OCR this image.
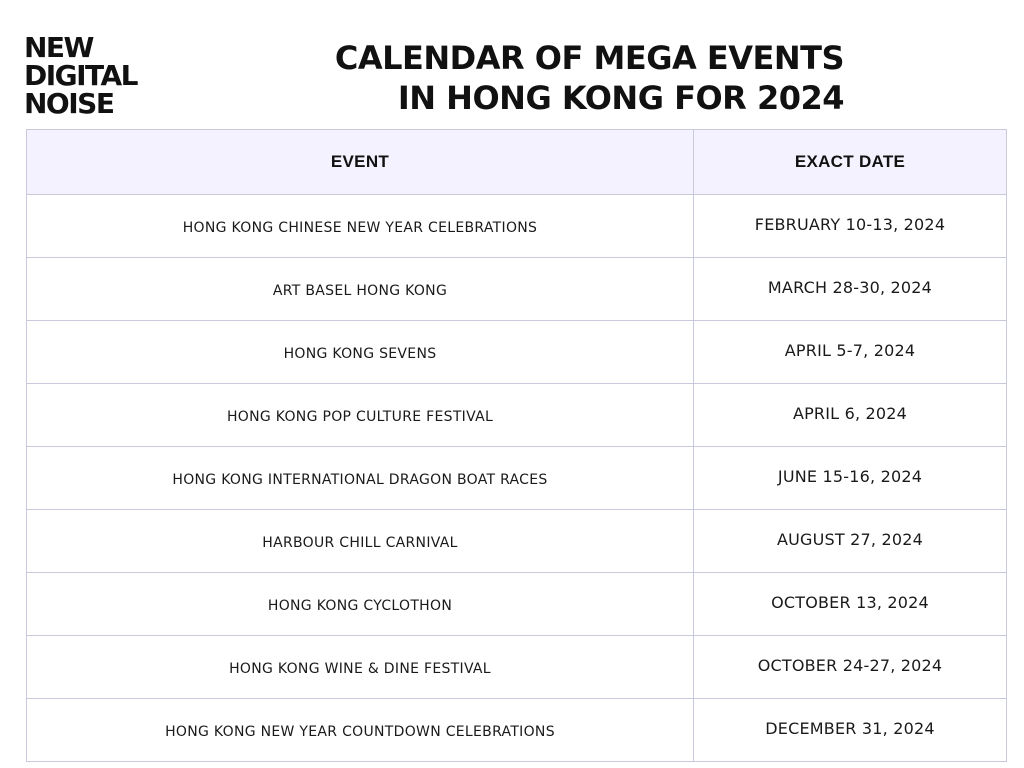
NEW
DIGITAL
NOISE
CALENDAR OF MEGA EVENTS
IN HONG KONG FOR 2024
EVENT	EXACT DATE
HONG KONG CHINESE NEW YEAR CELEBRATIONS	FEBRUARY 10-13, 2024
ART BASEL HONG KONG	MARCH 28-30, 2024
HONG KONG SEVENS	APRIL 5-7, 2024
HONG KONG POP CULTURE FESTIVAL	APRIL 6, 2024
HONG KONG INTERNATIONAL DRAGON BOAT RACES	JUNE 15-16, 2024
HARBOUR CHILL CARNIVAL	AUGUST 27, 2024
HONG KONG CYCLOTHON	OCTOBER 13, 2024
HONG KONG WINE & DINE FESTIVAL	OCTOBER 24-27, 2024
HONG KONG NEW YEAR COUNTDOWN CELEBRATIONS	DECEMBER 31, 2024
